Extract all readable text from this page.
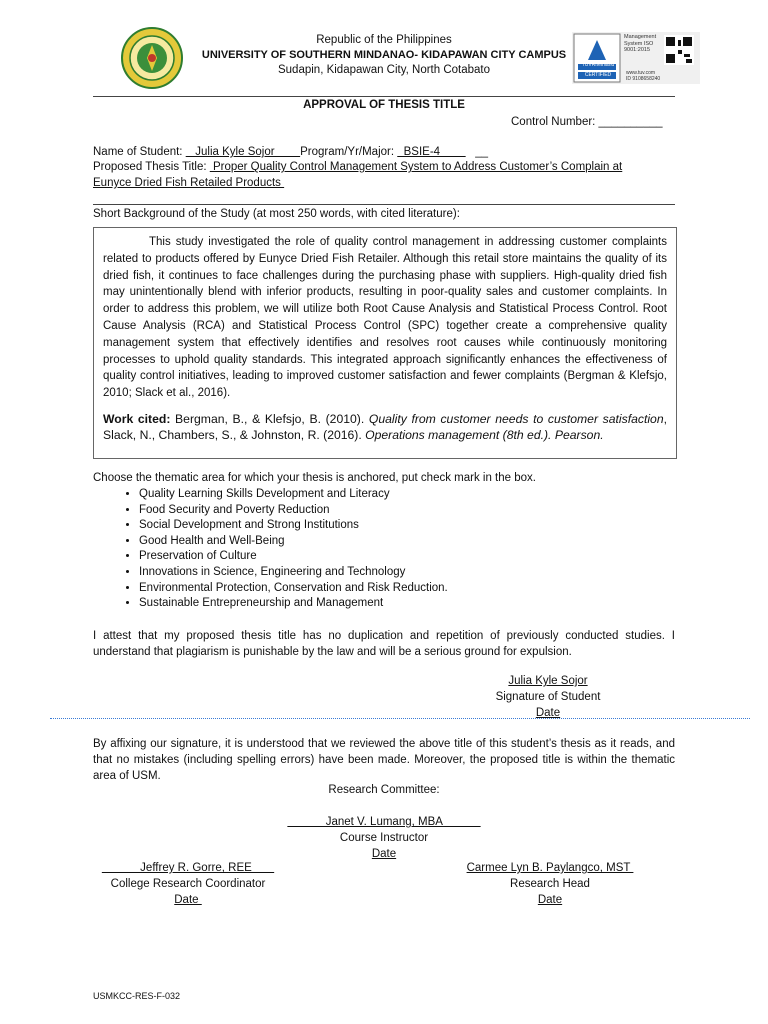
Republic of the Philippines
UNIVERSITY OF SOUTHERN MINDANAO- KIDAPAWAN CITY CAMPUS
Sudapin, Kidapawan City, North Cotabato
Management System ISO 9001:2015
TÜVRheinland
CERTIFIED	www.tuv.com
ID 9108658240
APPROVAL OF THESIS TITLE
Control Number: __________
Name of Student:    Julia Kyle Sojor        Program/Yr/Major:   BSIE-4           __
Proposed Thesis Title:  Proper Quality Control Management System to Address Customer’s Complain at
Eunyce Dried Fish Retailed Products
Short Background of the Study (at most 250 words, with cited literature):

This study investigated the role of quality control management in addressing customer complaints related to products offered by Eunyce Dried Fish Retailer. Although this retail store maintains the quality of its dried fish, it continues to face challenges during the purchasing phase with suppliers. High-quality dried fish may unintentionally blend with inferior products, resulting in poor-quality sales and customer complaints. In order to address this problem, we will utilize both Root Cause Analysis and Statistical Process Control. Root Cause Analysis (RCA) and Statistical Process Control (SPC) together create a comprehensive quality management system that effectively identifies and resolves root causes while continuously monitoring processes to uphold quality standards. This integrated approach significantly enhances the effectiveness of quality control initiatives, leading to improved customer satisfaction and fewer complaints (Bergman & Klefsjo, 2010; Slack et al., 2016).

Work cited: Bergman, B., & Klefsjo, B. (2010). Quality from customer needs to customer satisfaction, Slack, N., Chambers, S., & Johnston, R. (2016). Operations management (8th ed.). Pearson.

Choose the thematic area for which your thesis is anchored, put check mark in the box.
• Quality Learning Skills Development and Literacy
• Food Security and Poverty Reduction
• Social Development and Strong Institutions
• Good Health and Well-Being
• Preservation of Culture
• Innovations in Science, Engineering and Technology
• Environmental Protection, Conservation and Risk Reduction.
• Sustainable Entrepreneurship and Management
I attest that my proposed thesis title has no duplication and repetition of previously conducted studies. I understand that plagiarism is punishable by the law and will be a serious ground for expulsion.
Julia Kyle Sojor
Signature of Student
Date
By affixing our signature, it is understood that we reviewed the above title of this student’s thesis as it reads, and that no mistakes (including spelling errors) have been made. Moreover, the proposed title is within the thematic area of USM.
Research Committee:
Janet V. Lumang, MBA
Course Instructor
Date
Jeffrey R. Gorre, REE
College Research Coordinator
Date
Carmee Lyn B. Paylangco, MST
Research Head
Date
USMKCC-RES-F-032
